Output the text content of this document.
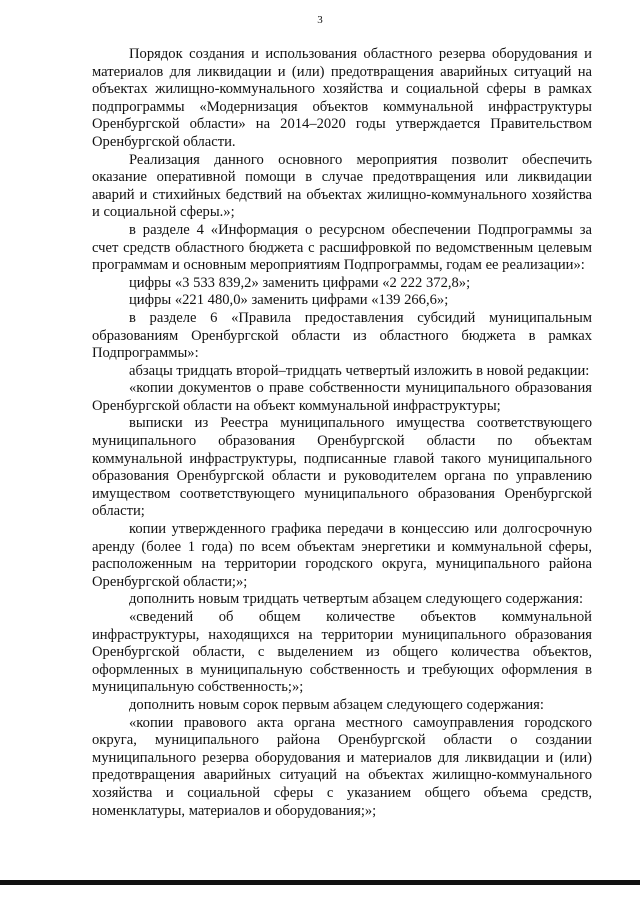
3

Порядок создания и использования областного резерва оборудования и материалов для ликвидации и (или) предотвращения аварийных ситуаций на объектах жилищно-коммунального хозяйства и социальной сферы в рамках подпрограммы «Модернизация объектов коммунальной инфраструктуры Оренбургской области» на 2014–2020 годы утверждается Правительством Оренбургской области.

Реализация данного основного мероприятия позволит обеспечить оказание оперативной помощи в случае предотвращения или ликвидации аварий и стихийных бедствий на объектах жилищно-коммунального хозяйства и социальной сферы.»;

в разделе 4 «Информация о ресурсном обеспечении Подпрограммы за счет средств областного бюджета с расшифровкой по ведомственным целевым программам и основным мероприятиям Подпрограммы, годам ее реализации»:

цифры «3 533 839,2» заменить цифрами «2 222 372,8»;

цифры «221 480,0» заменить цифрами «139 266,6»;

в разделе 6 «Правила предоставления субсидий муниципальным образованиям Оренбургской области из областного бюджета в рамках Подпрограммы»:

абзацы тридцать второй–тридцать четвертый изложить в новой редакции:

«копии документов о праве собственности муниципального образования Оренбургской области на объект коммунальной инфраструктуры;

выписки из Реестра муниципального имущества соответствующего муниципального образования Оренбургской области по объектам коммунальной инфраструктуры, подписанные главой такого муниципального образования Оренбургской области и руководителем органа по управлению имуществом соответствующего муниципального образования Оренбургской области;

копии утвержденного графика передачи в концессию или долгосрочную аренду (более 1 года) по всем объектам энергетики и коммунальной сферы, расположенным на территории городского округа, муниципального района Оренбургской области;»;

дополнить новым тридцать четвертым абзацем следующего содержания:

«сведений об общем количестве объектов коммунальной инфраструктуры, находящихся на территории муниципального образования Оренбургской области, с выделением из общего количества объектов, оформленных в муниципальную собственность и требующих оформления в муниципальную собственность;»;

дополнить новым сорок первым абзацем следующего содержания:

«копии правового акта органа местного самоуправления городского округа, муниципального района Оренбургской области о создании муниципального резерва оборудования и материалов для ликвидации и (или) предотвращения аварийных ситуаций на объектах жилищно-коммунального хозяйства и социальной сферы с указанием общего объема средств, номенклатуры, материалов и оборудования;»;
